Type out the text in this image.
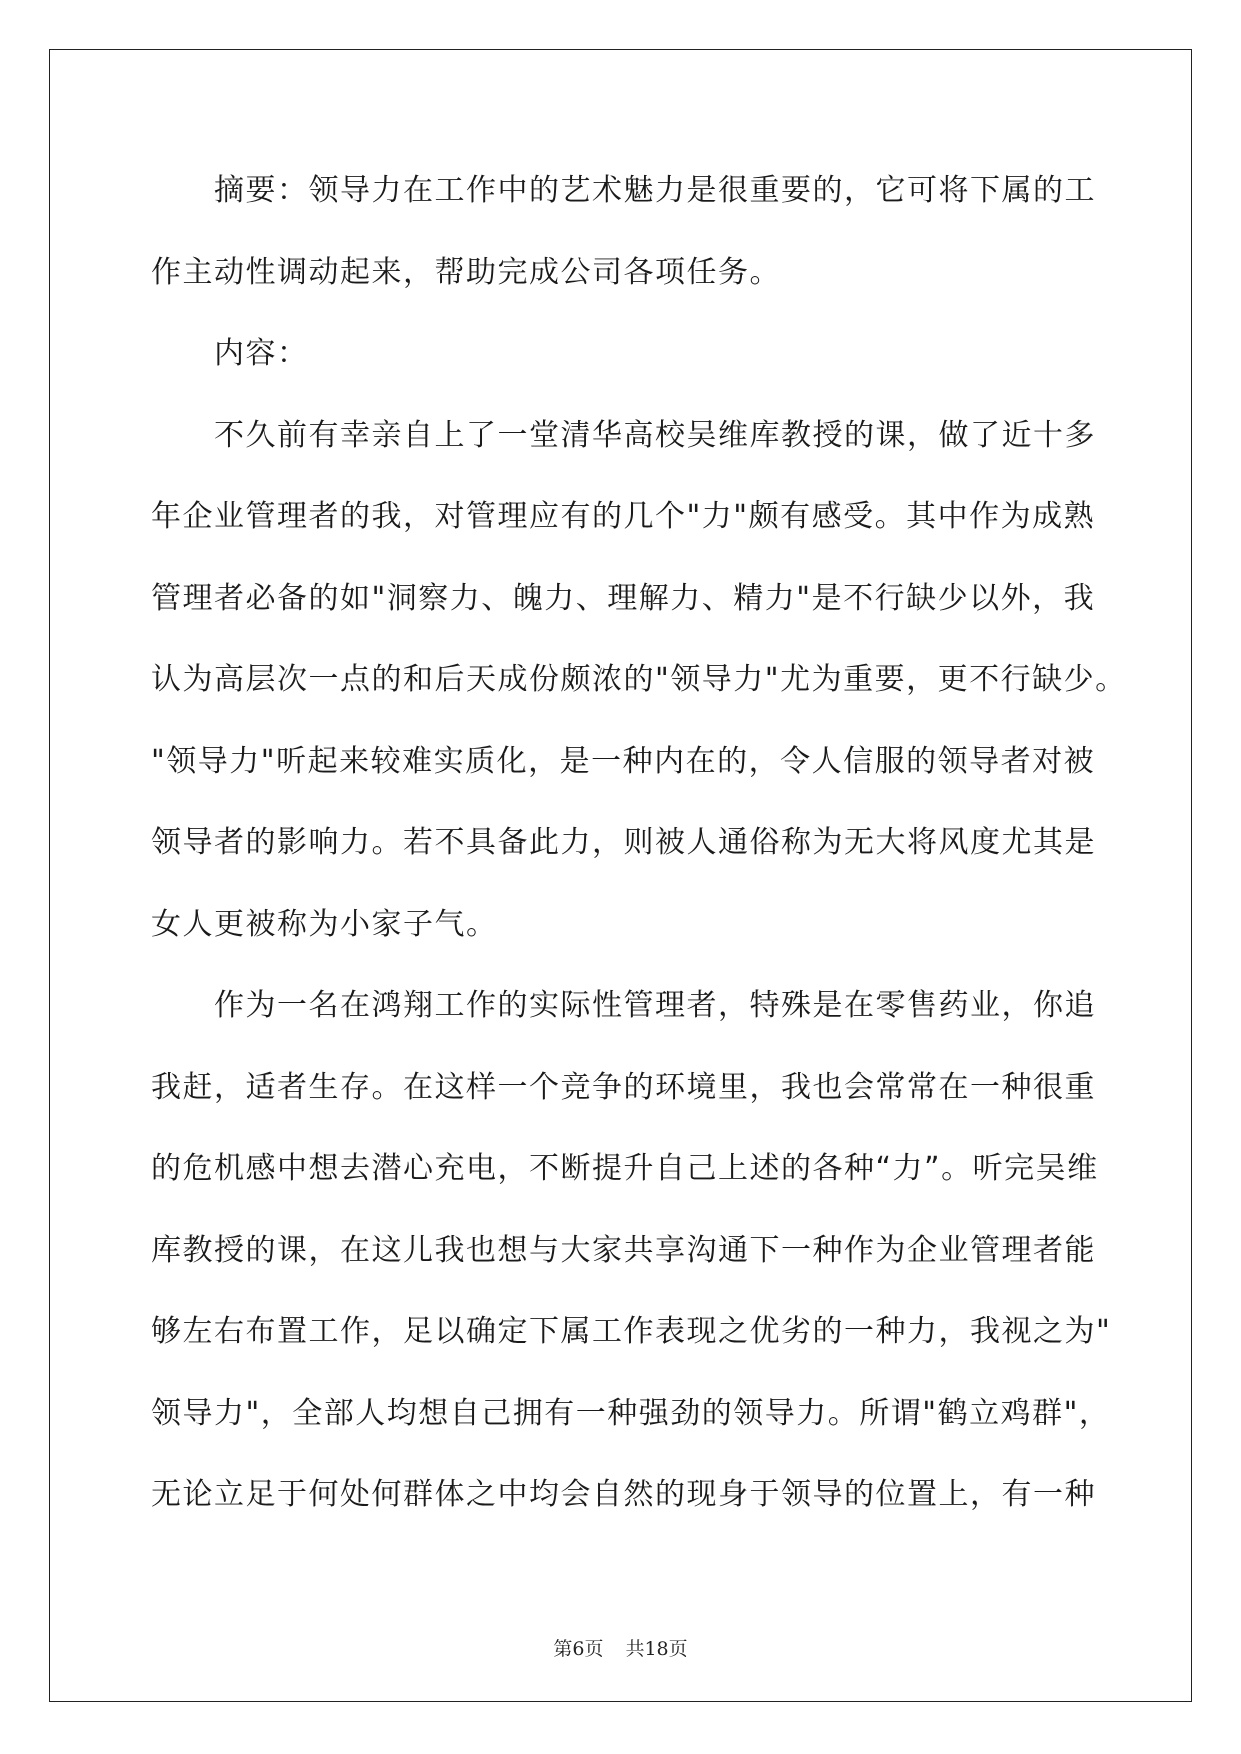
摘要：领导力在工作中的艺术魅力是很重要的，它可将下属的工
作主动性调动起来，帮助完成公司各项任务。
内容：
不久前有幸亲自上了一堂清华高校吴维库教授的课，做了近十多
年企业管理者的我，对管理应有的几个"力"颇有感受。其中作为成熟
管理者必备的如"洞察力、魄力、理解力、精力"是不行缺少以外，我
认为高层次一点的和后天成份颇浓的"领导力"尤为重要，更不行缺少。
"领导力"听起来较难实质化，是一种内在的，令人信服的领导者对被
领导者的影响力。若不具备此力，则被人通俗称为无大将风度尤其是
女人更被称为小家子气。
作为一名在鸿翔工作的实际性管理者，特殊是在零售药业，你追
我赶，适者生存。在这样一个竞争的环境里，我也会常常在一种很重
的危机感中想去潜心充电，不断提升自己上述的各种“力”。听完吴维
库教授的课，在这儿我也想与大家共享沟通下一种作为企业管理者能
够左右布置工作，足以确定下属工作表现之优劣的一种力，我视之为"
领导力"，全部人均想自己拥有一种强劲的领导力。所谓"鹤立鸡群"，
无论立足于何处何群体之中均会自然的现身于领导的位置上，有一种
第6页 共18页
